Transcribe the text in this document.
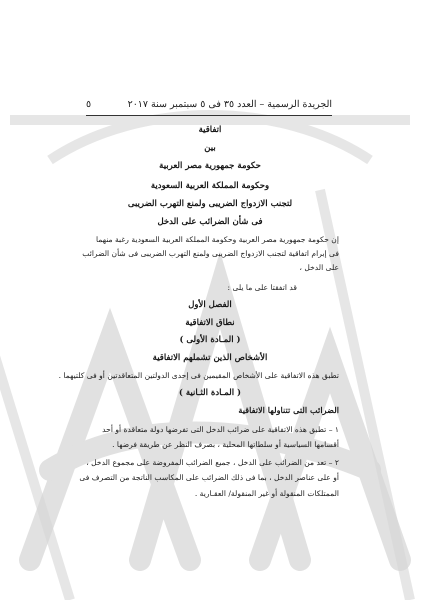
الجريدة الرسمية – العدد ٣٥ فى ٥ سبتمبر سنة ٢٠١٧
٥
اتفاقية
بين
حكومة جمهورية مصر العربية
وحكومة المملكة العربية السعودية
لتجنب الازدواج الضريبى ولمنع التهرب الضريبى
فى شأن الضرائب على الدخل
إن حكومة جمهورية مصر العربية وحكومة المملكة العربية السعودية رغبة منهما
فى إبرام اتفاقية لتجنب الازدواج الضريبى ولمنع التهرب الضريبى فى شأن الضرائب
على الدخل ،
قد اتفقتا على ما يلى :
الفصل الأول
نطاق الاتفاقية
( المـادة الأولى )
الأشخاص الذين تشملهم الاتفاقية
تطبق هذه الاتفاقية على الأشخاص المقيمين فى إحدى الدولتين المتعاقدتين أو فى كلتيهما .
( المـادة الثـانية )
الضرائب التى تتناولها الاتفاقية
١ – تطبق هذه الاتفاقية على ضرائب الدخل التى تفرضها دولة متعاقدة أو أحد
أقسامها السياسية أو سلطاتها المحلية ، بصرف النظر عن طريقة فرضها .
٢ – تعد من الضرائب على الدخل ، جميع الضرائب المفروضة على مجموع الدخل ،
أو على عناصر الدخل ، بما فى ذلك الضرائب على المكاسب الناتجة من التصرف فى
الممتلكات المنقولة أو غير المنقولة/ العقـارية .
